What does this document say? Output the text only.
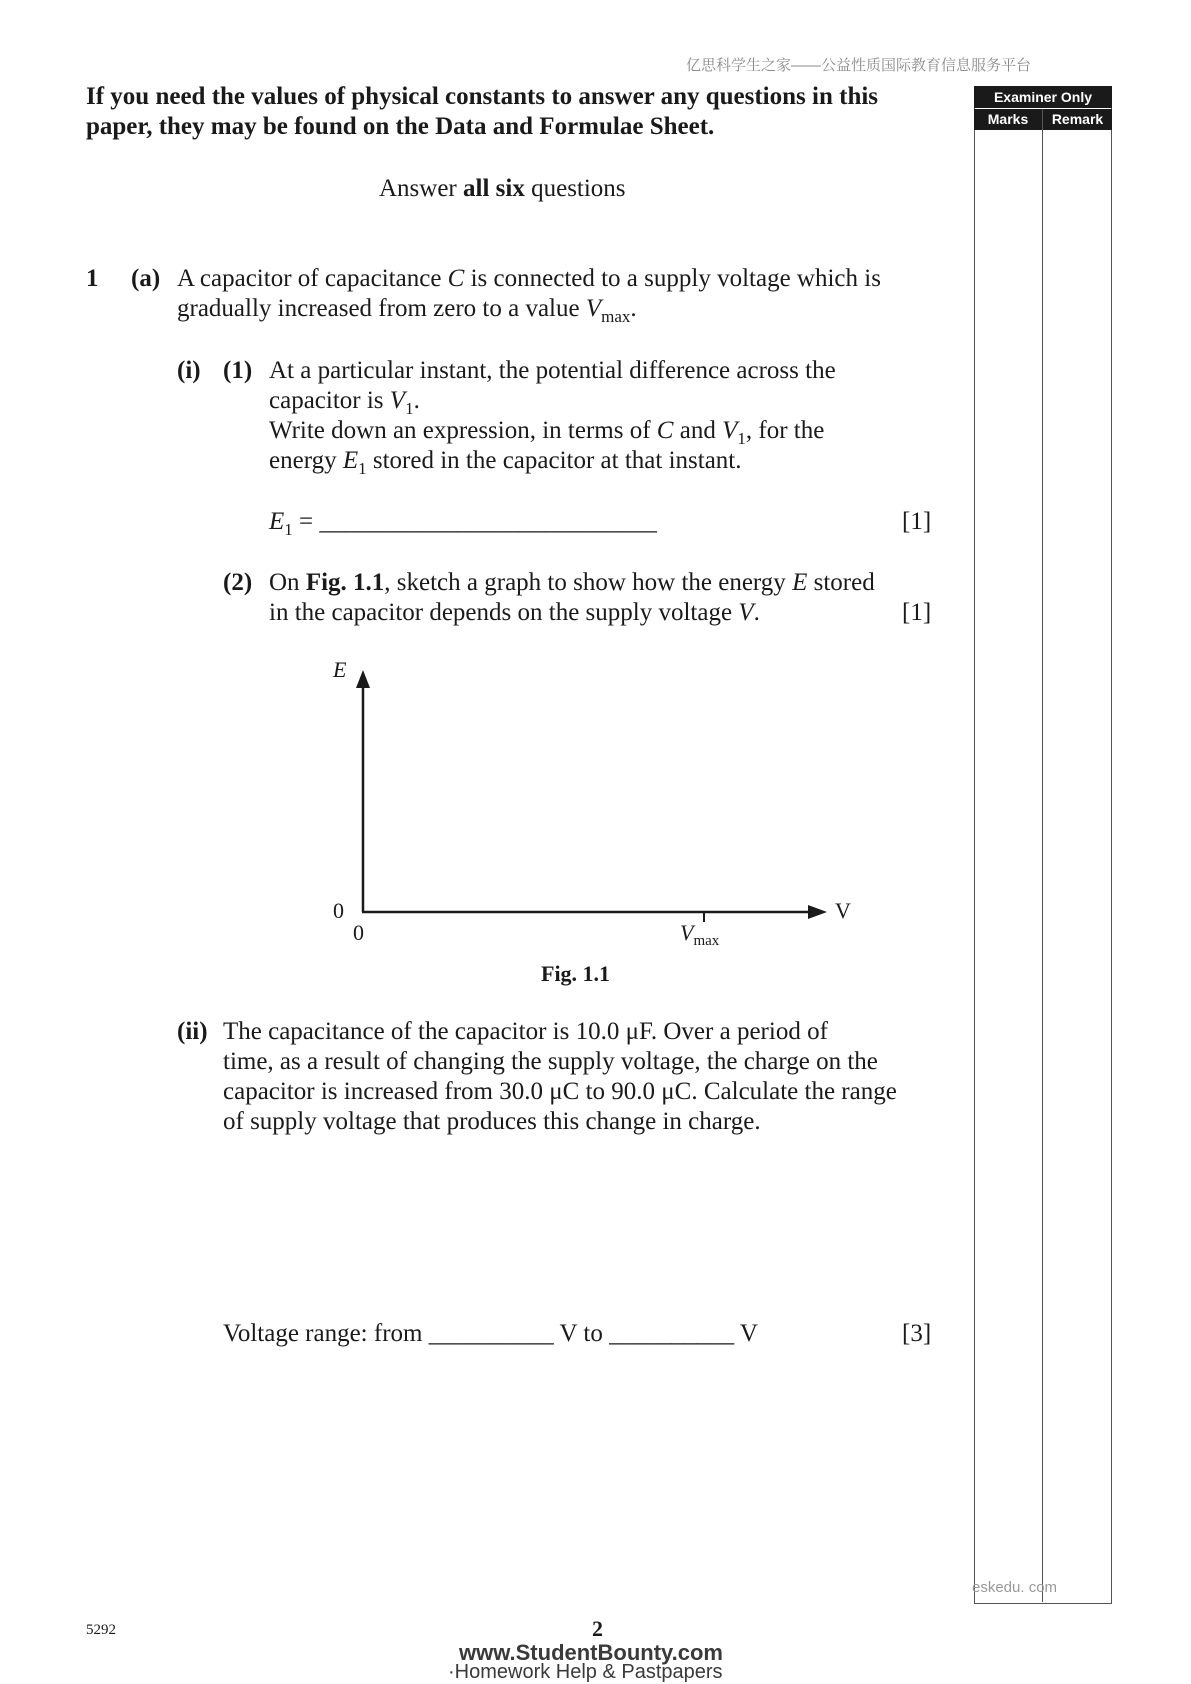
亿思科学生之家——公益性质国际教育信息服务平台
Examiner Only
Marks	Remark
If you need the values of physical constants to answer any questions in this
paper, they may be found on the Data and Formulae Sheet.
Answer all six questions
1 (a) A capacitor of capacitance C is connected to a supply voltage which is
gradually increased from zero to a value $V_{max}$.
(i) (1) At a particular instant, the potential difference across the
capacitor is $V_1$.
Write down an expression, in terms of C and $V_1$, for the
energy $E_1$ stored in the capacitor at that instant.
$E_1$ = ___________________________	[1]
(2) On Fig. 1.1, sketch a graph to show how the energy E stored
in the capacitor depends on the supply voltage V.	[1]
E
V
0
0	$V_{max}$
Fig. 1.1
(ii) The capacitance of the capacitor is 10.0 μF. Over a period of
time, as a result of changing the supply voltage, the charge on the
capacitor is increased from 30.0 μC to 90.0 μC. Calculate the range
of supply voltage that produces this change in charge.
Voltage range: from __________ V to __________ V	[3]
eskedu. com
5292	2
www.StudentBounty.com
·Homework Help & Pastpapers
